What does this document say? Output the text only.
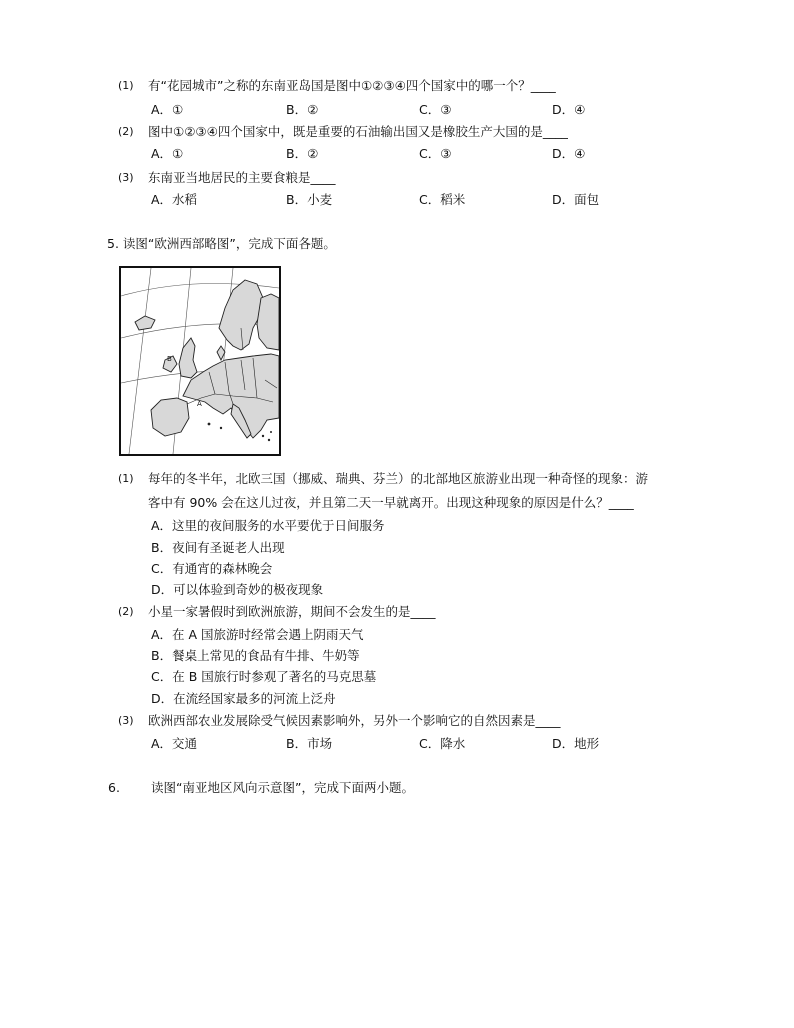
(1) 有“花园城市”之称的东南亚岛国是图中①②③④四个国家中的哪一个？____
A．①	B．②	C．③	D．④
(2) 图中①②③④四个国家中，既是重要的石油输出国又是橡胶生产大国的是____
A．①	B．②	C．③	D．④
(3) 东南亚当地居民的主要食粮是____
A．水稻	B．小麦	C．稻米	D．面包
5. 读图“欧洲西部略图”，完成下面各题。
B
A
(1) 每年的冬半年，北欧三国（挪威、瑞典、芬兰）的北部地区旅游业出现一种奇怪的现象：游
客中有 90% 会在这儿过夜，并且第二天一早就离开。出现这种现象的原因是什么？____
A．这里的夜间服务的水平要优于日间服务
B．夜间有圣诞老人出现
C．有通宵的森林晚会
D．可以体验到奇妙的极夜现象
(2) 小星一家暑假时到欧洲旅游，期间不会发生的是____
A．在 A 国旅游时经常会遇上阴雨天气
B．餐桌上常见的食品有牛排、牛奶等
C．在 B 国旅行时参观了著名的马克思墓
D．在流经国家最多的河流上泛舟
(3) 欧洲西部农业发展除受气候因素影响外，另外一个影响它的自然因素是____
A．交通	B．市场	C．降水	D．地形
6. 读图“南亚地区风向示意图”，完成下面两小题。
